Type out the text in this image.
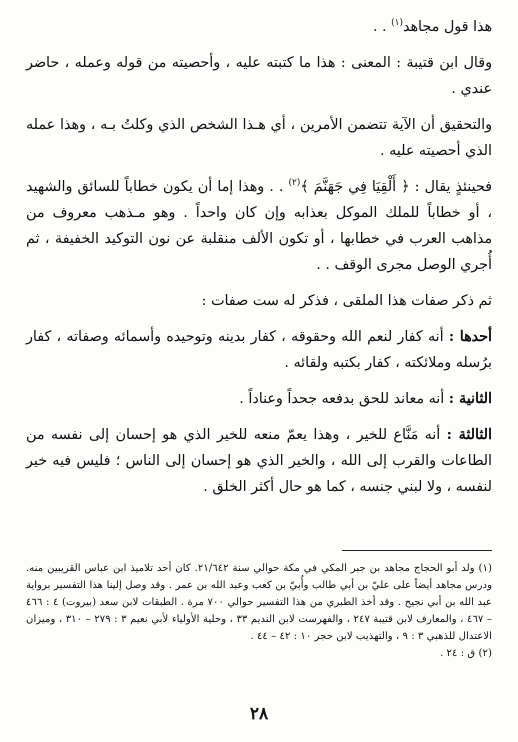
هذا قول مجاهد$^{(١)}$ . .

وقال ابن قتيبة : المعنى : هذا ما كتبته عليه ، وأحصيته من قوله وعمله ، حاضر عندي .

والتحقيق أن الآية تتضمن الأمرين ، أي هـذا الشخص الذي وكلتُ بـه ، وهذا عمله الذي أحصيته عليه .

فحينئذٍ يقال : ﴿ أَلْقِيَا فِي جَهَنَّمَ ﴾$^{(٢)}$ . . وهذا إما أن يكون خطاباً للسائق والشهيد ، أو خطاباً للملك الموكل بعذابه وإن كان واحداً . وهو مـذهب معروف من مذاهب العرب في خطابها ، أو تكون الألف منقلبة عن نون التوكيد الخفيفة ، ثم أُجري الوصل مجرى الوقف . .

ثم ذكر صفات هذا الملقى ، فذكر له ست صفات :

أحدها : أنه كفار لنعم الله وحقوقه ، كفار بدينه وتوحيده وأسمائه وصفاته ، كفار برُسله وملائكته ، كفار بكتبه ولقائه .

الثانية : أنه معاند للحق بدفعه جحداً وعناداً .

الثالثة : أنه مَنَّاع للخير ، وهذا يعمّ منعه للخير الذي هو إحسان إلى نفسه من الطاعات والقرب إلى الله ، والخير الذي هو إحسان إلى الناس ؛ فليس فيه خير لنفسه ، ولا لبني جنسه ، كما هو حال أكثر الخلق .

(١) ولد أبو الحجاج مجاهد بن جبر المكي في مكة حوالي سنة ٢١/٦٤٢. كان أحد تلاميذ ابن عباس القريبين منه. ودرس مجاهد أيضاً على عليّ بن أبي طالب وأُبيّ بن كعب وعبد الله بن عمر . وقد وصل إلينا هذا التفسير برواية عبد الله بن أبي نجيح . وقد أخذ الطبري من هذا التفسير حوالي ٧٠٠ مرة . الطبقات لابن سعد (بيروت) ٤ : ٤٦٦ – ٤٦٧ ، والمعارف لابن قتيبة ٢٤٧ ، والفهرست لابن النديم ٣٣ ، وحلية الأولياء لأبي نعيم ٣ : ٢٧٩ – ٣١٠ ، وميزان الاعتدال للذهبي ٣ : ٩ ، والتهذيب لابن حجر ١٠ : ٤٢ – ٤٤ .

(٢) ق : ٢٤ .

٢٨
